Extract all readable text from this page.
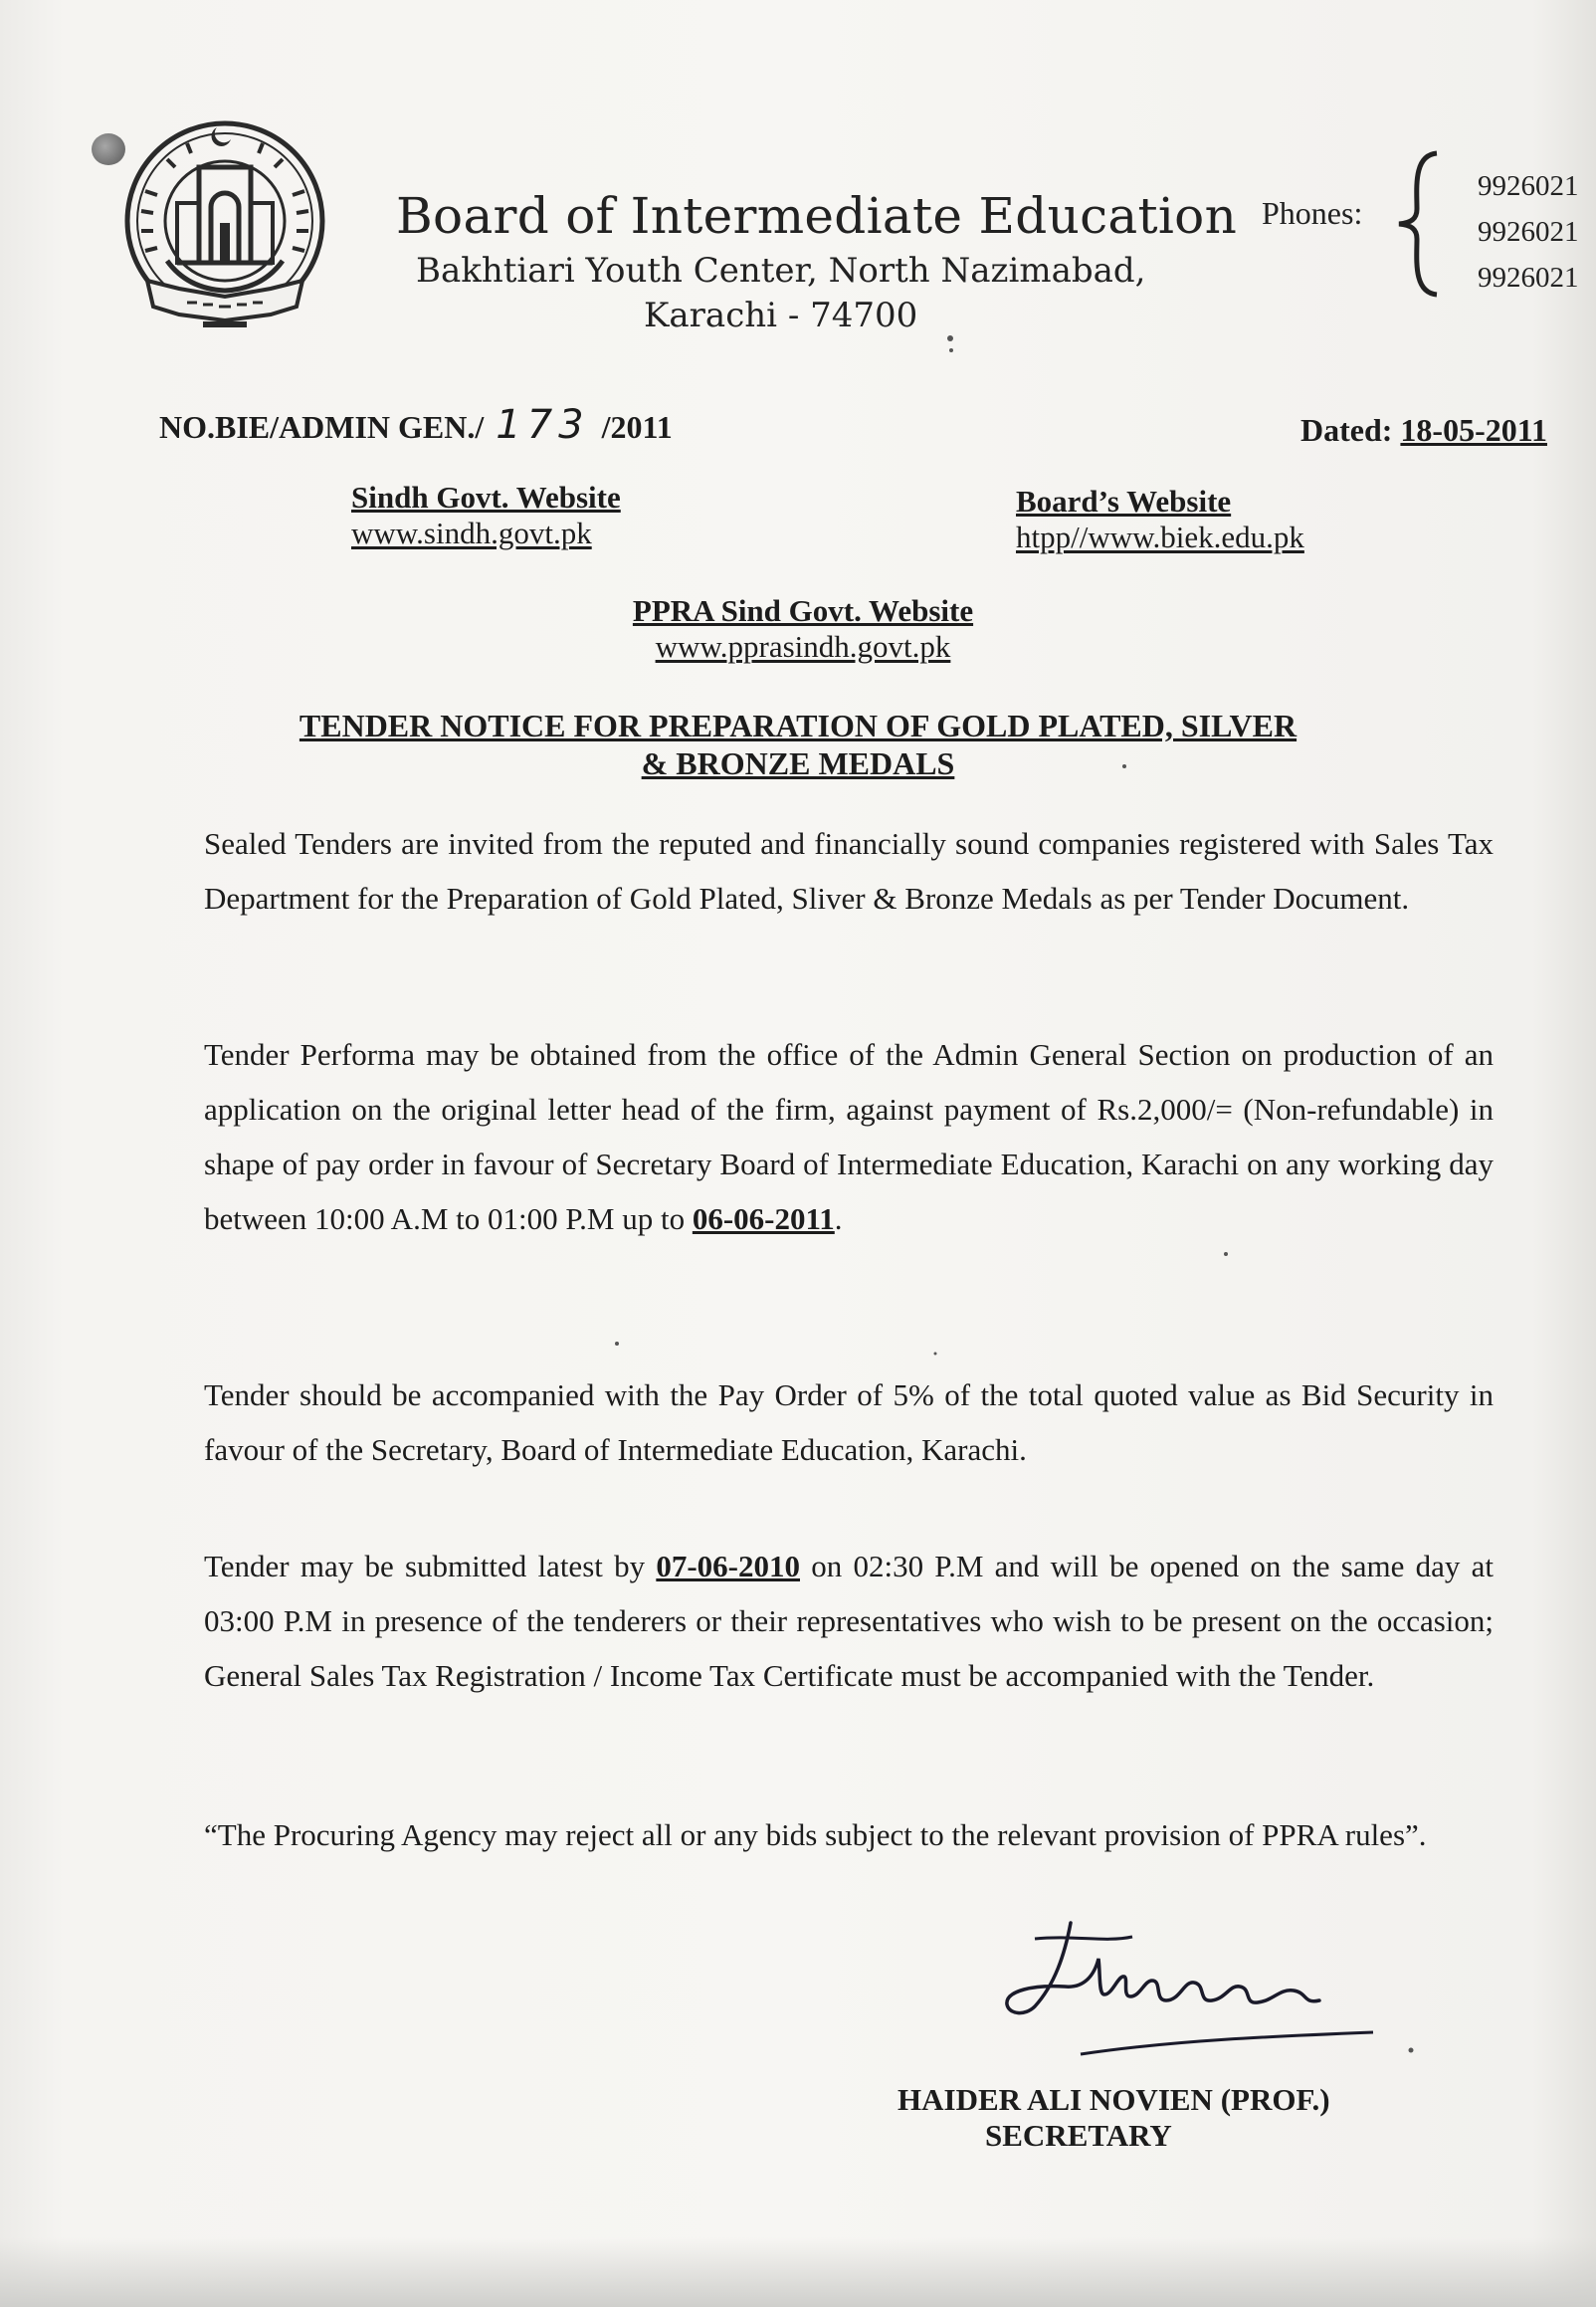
Board of Intermediate Education
Bakhtiari Youth Center, North Nazimabad,
Karachi - 74700
Phones:
9926021
9926021
9926021
NO.BIE/ADMIN GEN./ 173 /2011	Dated: 18-05-2011
Sindh Govt. Website
www.sindh.govt.pk
Board’s Website
htpp//www.biek.edu.pk
PPRA Sind Govt. Website
www.pprasindh.govt.pk
TENDER NOTICE FOR PREPARATION OF GOLD PLATED, SILVER
& BRONZE MEDALS
Sealed Tenders are invited from the reputed and financially sound companies registered with Sales Tax Department for the Preparation of Gold Plated, Sliver & Bronze Medals as per Tender Document.
Tender Performa may be obtained from the office of the Admin General Section on production of an application on the original letter head of the firm, against payment of Rs.2,000/= (Non-refundable) in shape of pay order in favour of Secretary Board of Intermediate Education, Karachi on any working day between 10:00 A.M to 01:00 P.M up to 06-06-2011.
Tender should be accompanied with the Pay Order of 5% of the total quoted value as Bid Security in favour of the Secretary, Board of Intermediate Education, Karachi.
Tender may be submitted latest by 07-06-2010 on 02:30 P.M and will be opened on the same day at 03:00 P.M in presence of the tenderers or their representatives who wish to be present on the occasion; General Sales Tax Registration / Income Tax Certificate must be accompanied with the Tender.
“The Procuring Agency may reject all or any bids subject to the relevant provision of PPRA rules”.
HAIDER ALI NOVIEN (PROF.)
SECRETARY
